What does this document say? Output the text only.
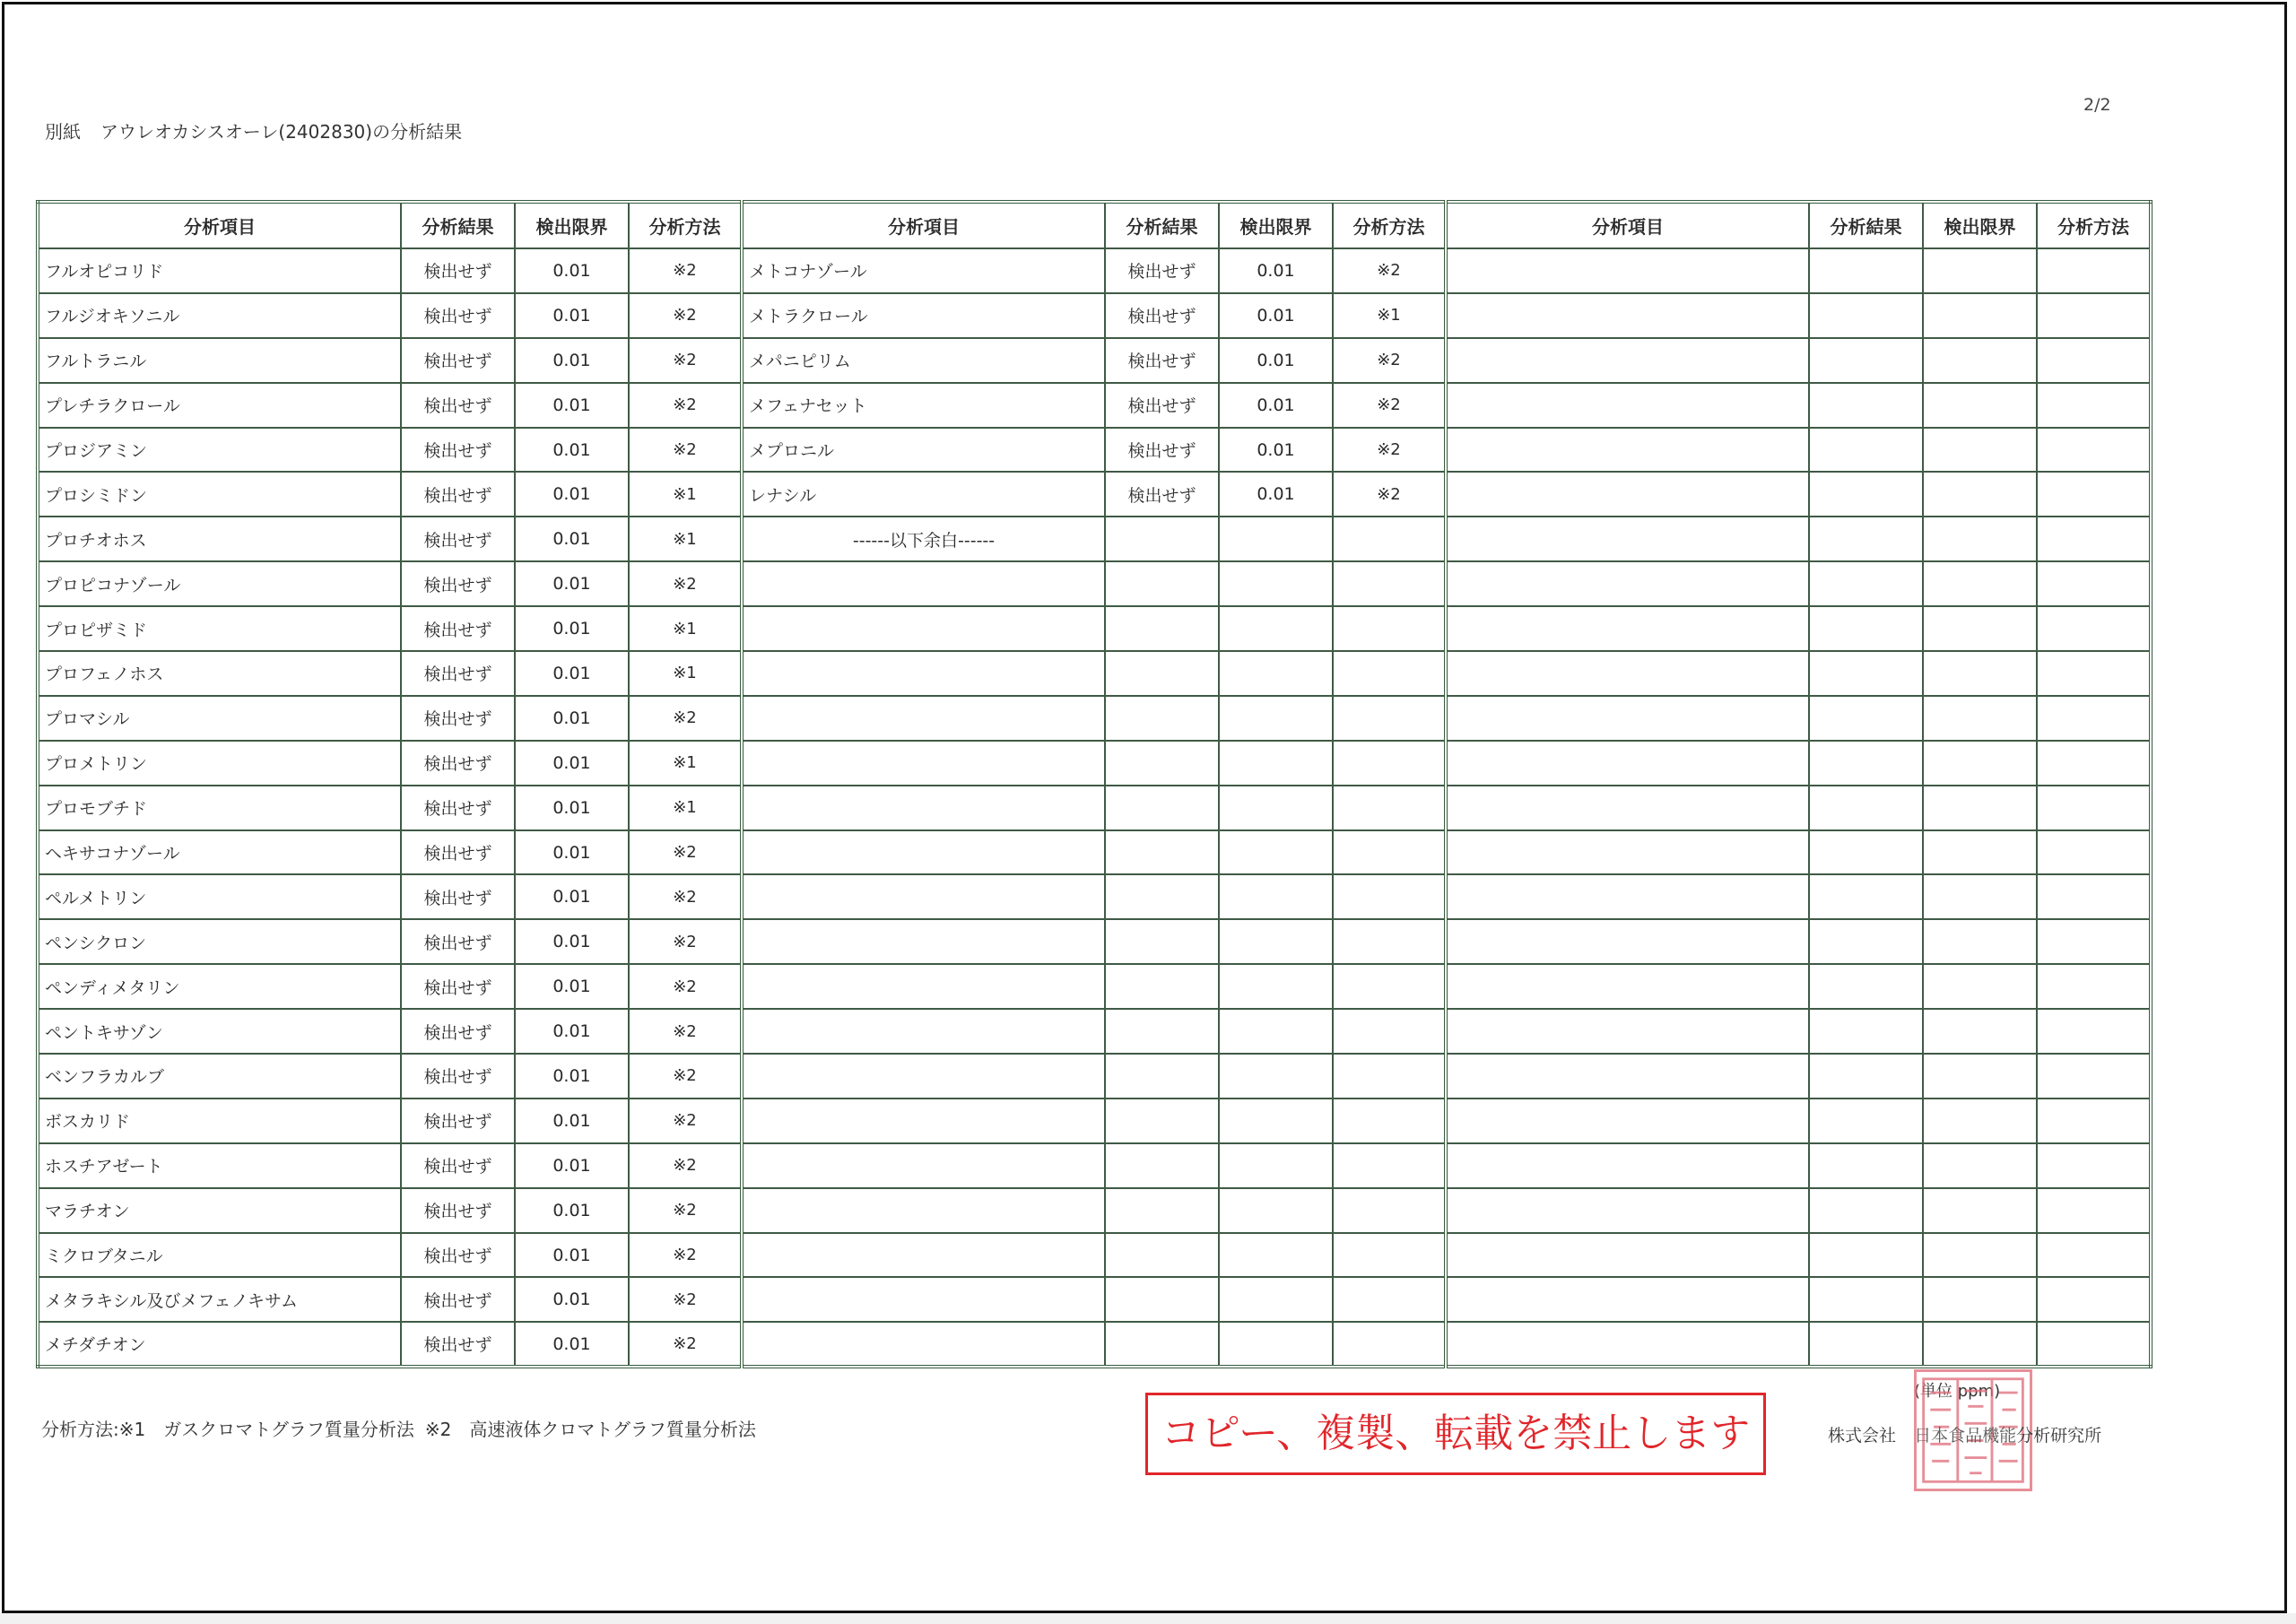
2/2
別紙 アウレオカシスオーレ(2402830)の分析結果
分析項目	分析結果	検出限界	分析方法	分析項目	分析結果	検出限界	分析方法	分析項目	分析結果	検出限界	分析方法
フルオピコリド	検出せず	0.01	※2	メトコナゾール	検出せず	0.01	※2				
フルジオキソニル	検出せず	0.01	※2	メトラクロール	検出せず	0.01	※1				
フルトラニル	検出せず	0.01	※2	メパニピリム	検出せず	0.01	※2				
プレチラクロール	検出せず	0.01	※2	メフェナセット	検出せず	0.01	※2				
プロジアミン	検出せず	0.01	※2	メプロニル	検出せず	0.01	※2				
プロシミドン	検出せず	0.01	※1	レナシル	検出せず	0.01	※2				
プロチオホス	検出せず	0.01	※1	------以下余白------							
プロピコナゾール	検出せず	0.01	※2								
プロピザミド	検出せず	0.01	※1								
プロフェノホス	検出せず	0.01	※1								
プロマシル	検出せず	0.01	※2								
プロメトリン	検出せず	0.01	※1								
プロモブチド	検出せず	0.01	※1								
ヘキサコナゾール	検出せず	0.01	※2								
ペルメトリン	検出せず	0.01	※2								
ペンシクロン	検出せず	0.01	※2								
ペンディメタリン	検出せず	0.01	※2								
ペントキサゾン	検出せず	0.01	※2								
ベンフラカルブ	検出せず	0.01	※2								
ボスカリド	検出せず	0.01	※2								
ホスチアゼート	検出せず	0.01	※2								
マラチオン	検出せず	0.01	※2								
ミクロブタニル	検出せず	0.01	※2								
メタラキシル及びメフェノキサム	検出せず	0.01	※2								
メチダチオン	検出せず	0.01	※2								
分析方法:※1　ガスクロマトグラフ質量分析法 ※2　高速液体クロマトグラフ質量分析法
(単位 ppm)
コピー、複製、転載を禁止します	株式会社 日本食品機能分析研究所
